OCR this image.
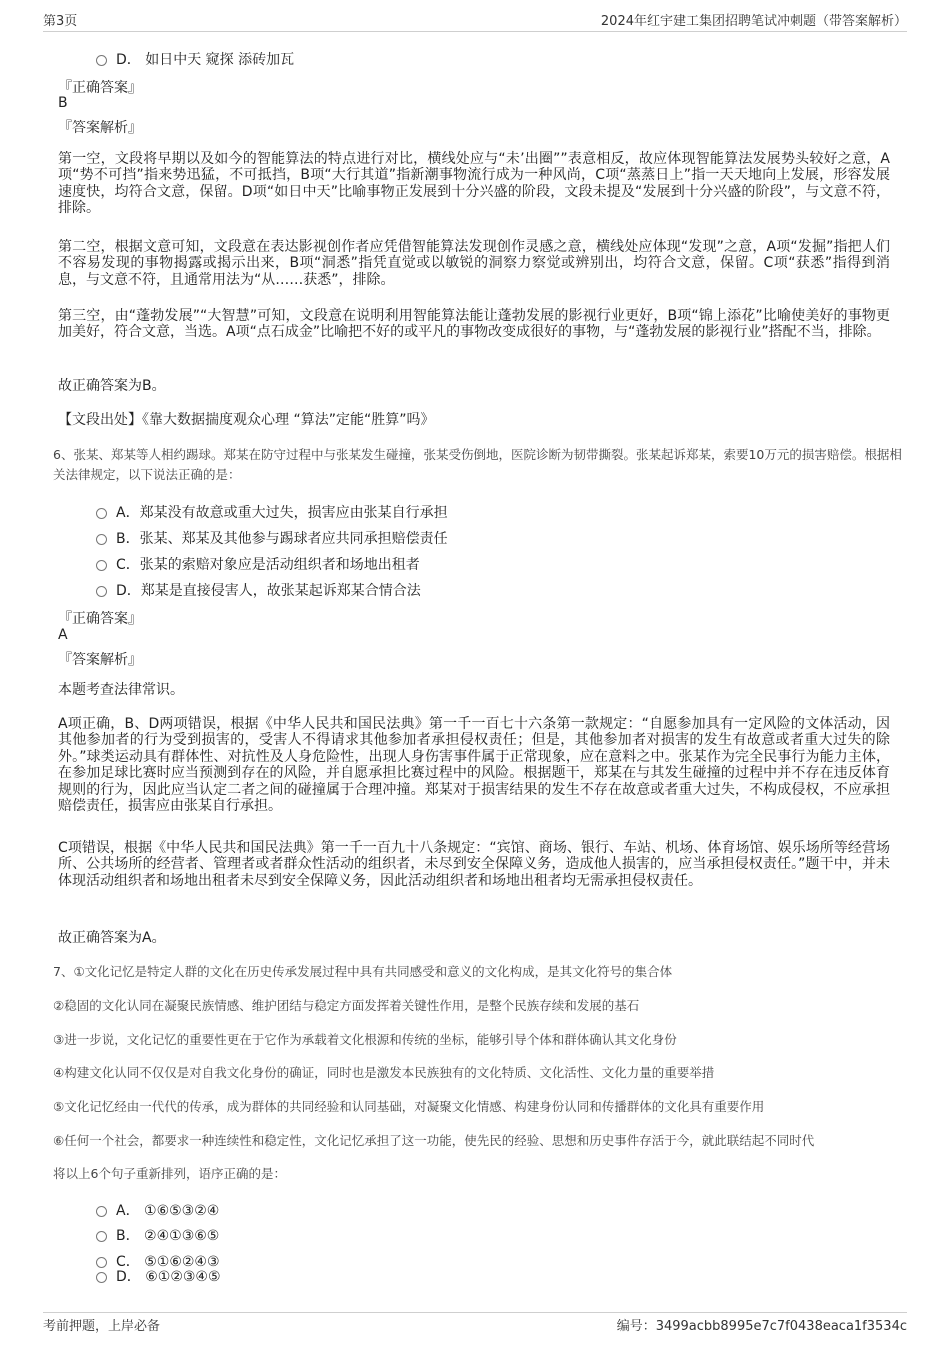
第3页	2024年红宇建工集团招聘笔试冲刺题（带答案解析）
D． 如日中天 窥探 添砖加瓦
『正确答案』
B
『答案解析』
第一空，文段将早期以及如今的智能算法的特点进行对比，横线处应与“未’出圈””表意相反，故应体现智能算法发展势头较好之意，A项“势不可挡”指来势迅猛，不可抵挡，B项“大行其道”指新潮事物流行成为一种风尚，C项“蒸蒸日上”指一天天地向上发展，形容发展速度快，均符合文意，保留。D项“如日中天”比喻事物正发展到十分兴盛的阶段，文段未提及“发展到十分兴盛的阶段”，与文意不符，排除。
第二空，根据文意可知，文段意在表达影视创作者应凭借智能算法发现创作灵感之意，横线处应体现“发现”之意，A项“发掘”指把人们不容易发现的事物揭露或揭示出来，B项“洞悉”指凭直觉或以敏锐的洞察力察觉或辨别出，均符合文意，保留。C项“获悉”指得到消息，与文意不符，且通常用法为“从……获悉”，排除。
第三空，由“蓬勃发展”“大智慧”可知，文段意在说明利用智能算法能让蓬勃发展的影视行业更好，B项“锦上添花”比喻使美好的事物更加美好，符合文意，当选。A项“点石成金”比喻把不好的或平凡的事物改变成很好的事物，与“蓬勃发展的影视行业”搭配不当，排除。
故正确答案为B。
【文段出处】《靠大数据揣度观众心理 “算法”定能“胜算”吗》
6、张某、郑某等人相约踢球。郑某在防守过程中与张某发生碰撞，张某受伤倒地，医院诊断为韧带撕裂。张某起诉郑某，索要10万元的损害赔偿。根据相关法律规定，以下说法正确的是：
A．郑某没有故意或重大过失，损害应由张某自行承担
B．张某、郑某及其他参与踢球者应共同承担赔偿责任
C．张某的索赔对象应是活动组织者和场地出租者
D．郑某是直接侵害人，故张某起诉郑某合情合法
『正确答案』
A
『答案解析』
本题考查法律常识。
A项正确，B、D两项错误，根据《中华人民共和国民法典》第一千一百七十六条第一款规定：“自愿参加具有一定风险的文体活动，因其他参加者的行为受到损害的，受害人不得请求其他参加者承担侵权责任；但是，其他参加者对损害的发生有故意或者重大过失的除外。”球类运动具有群体性、对抗性及人身危险性，出现人身伤害事件属于正常现象，应在意料之中。张某作为完全民事行为能力主体，在参加足球比赛时应当预测到存在的风险，并自愿承担比赛过程中的风险。根据题干，郑某在与其发生碰撞的过程中并不存在违反体育规则的行为，因此应当认定二者之间的碰撞属于合理冲撞。郑某对于损害结果的发生不存在故意或者重大过失，不构成侵权，不应承担赔偿责任，损害应由张某自行承担。
C项错误，根据《中华人民共和国民法典》第一千一百九十八条规定：“宾馆、商场、银行、车站、机场、体育场馆、娱乐场所等经营场所、公共场所的经营者、管理者或者群众性活动的组织者，未尽到安全保障义务，造成他人损害的，应当承担侵权责任。”题干中，并未体现活动组织者和场地出租者未尽到安全保障义务，因此活动组织者和场地出租者均无需承担侵权责任。
故正确答案为A。
7、①文化记忆是特定人群的文化在历史传承发展过程中具有共同感受和意义的文化构成，是其文化符号的集合体
②稳固的文化认同在凝聚民族情感、维护团结与稳定方面发挥着关键性作用，是整个民族存续和发展的基石
③进一步说，文化记忆的重要性更在于它作为承载着文化根源和传统的坐标，能够引导个体和群体确认其文化身份
④构建文化认同不仅仅是对自我文化身份的确证，同时也是激发本民族独有的文化特质、文化活性、文化力量的重要举措
⑤文化记忆经由一代代的传承，成为群体的共同经验和认同基础，对凝聚文化情感、构建身份认同和传播群体的文化具有重要作用
⑥任何一个社会，都要求一种连续性和稳定性，文化记忆承担了这一功能，使先民的经验、思想和历史事件存活于今，就此联结起不同时代
将以上6个句子重新排列，语序正确的是：
A． ①⑥⑤③②④
B． ②④①③⑥⑤
C． ⑤①⑥②④③
D． ⑥①②③④⑤
考前押题，上岸必备	编号：3499acbb8995e7c7f0438eaca1f3534c
